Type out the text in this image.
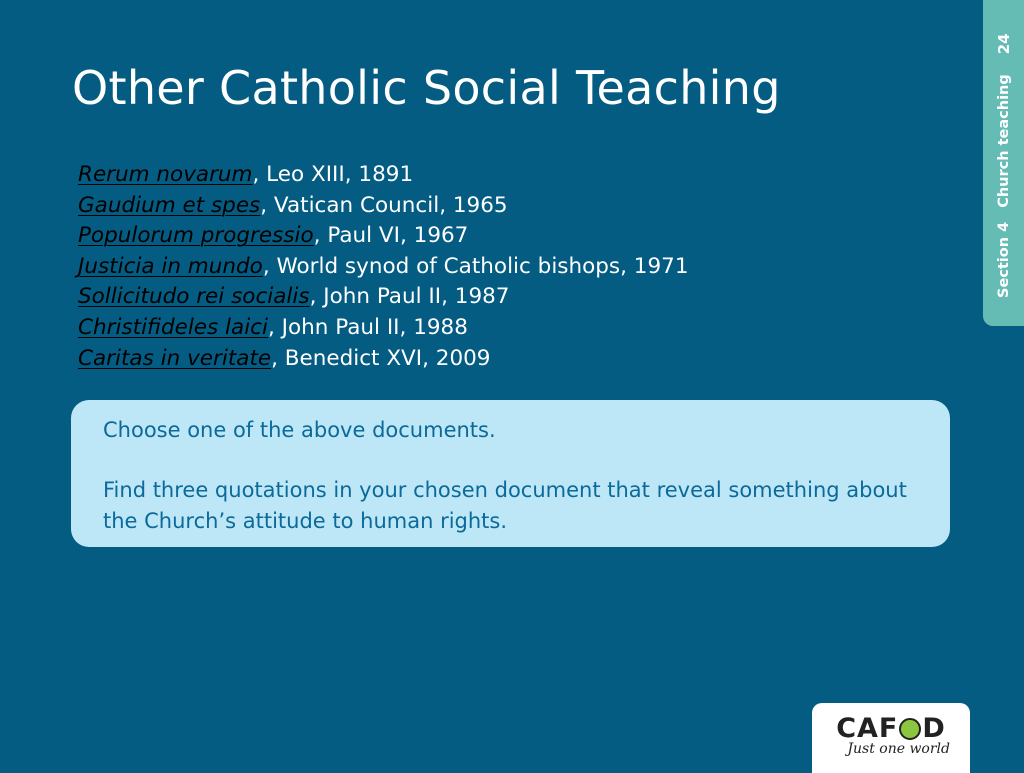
Other Catholic Social Teaching
Rerum novarum, Leo XIII, 1891
Gaudium et spes, Vatican Council, 1965
Populorum progressio, Paul VI, 1967
Justicia in mundo, World synod of Catholic bishops, 1971
Sollicitudo rei socialis, John Paul II, 1987
Christifideles laici, John Paul II, 1988
Caritas in veritate, Benedict XVI, 2009

Choose one of the above documents.

Find three quotations in your chosen document that reveal something about the Church’s attitude to human rights.

Section 4
Church teaching
24
CAF D
Just one world
